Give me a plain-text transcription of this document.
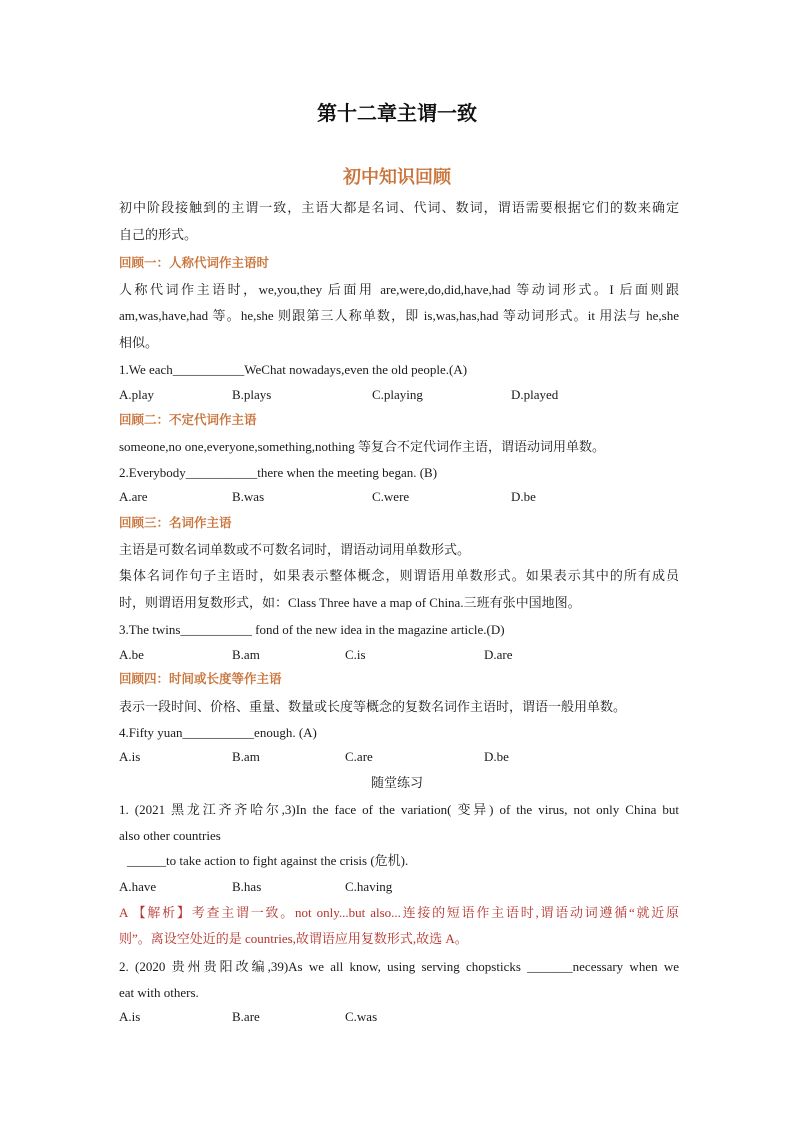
第十二章主谓一致
初中知识回顾
初中阶段接触到的主谓一致，主语大都是名词、代词、数词，谓语需要根据它们的数来确定
自己的形式。
回顾一：人称代词作主语时
人称代词作主语时，we,you,they 后面用 are,were,do,did,have,had 等动词形式。I 后面则跟
am,was,have,had 等。he,she 则跟第三人称单数，即 is,was,has,had 等动词形式。it 用法与 he,she
相似。
1.We each___________WeChat nowadays,even the old people.(A)
A.play	B.plays	C.playing	D.played
回顾二：不定代词作主语
someone,no one,everyone,something,nothing 等复合不定代词作主语，谓语动词用单数。
2.Everybody___________there when the meeting began. (B)
A.are	B.was	C.were	D.be
回顾三：名词作主语
主语是可数名词单数或不可数名词时，谓语动词用单数形式。
集体名词作句子主语时，如果表示整体概念，则谓语用单数形式。如果表示其中的所有成员
时，则谓语用复数形式，如：Class Three have a map of China.三班有张中国地图。
3.The twins___________ fond of the new idea in the magazine article.(D)
A.be	B.am	C.is	D.are
回顾四：时间或长度等作主语
表示一段时间、价格、重量、数量或长度等概念的复数名词作主语时，谓语一般用单数。
4.Fifty yuan___________enough. (A)
A.is	B.am	C.are	D.be
随堂练习
1. (2021 黑龙江齐齐哈尔,3)In the face of the variation( 变异) of the virus, not only China but
also other countries
______to take action to fight against the crisis (危机).
A.have	B.has	C.having
A 【解析】考查主谓一致。not only...but also...连接的短语作主语时,谓语动词遵循“就近原
则”。离设空处近的是 countries,故谓语应用复数形式,故选 A。
2. (2020 贵州贵阳改编,39)As we all know, using serving chopsticks _______necessary when we
eat with others.
A.is	B.are	C.was
